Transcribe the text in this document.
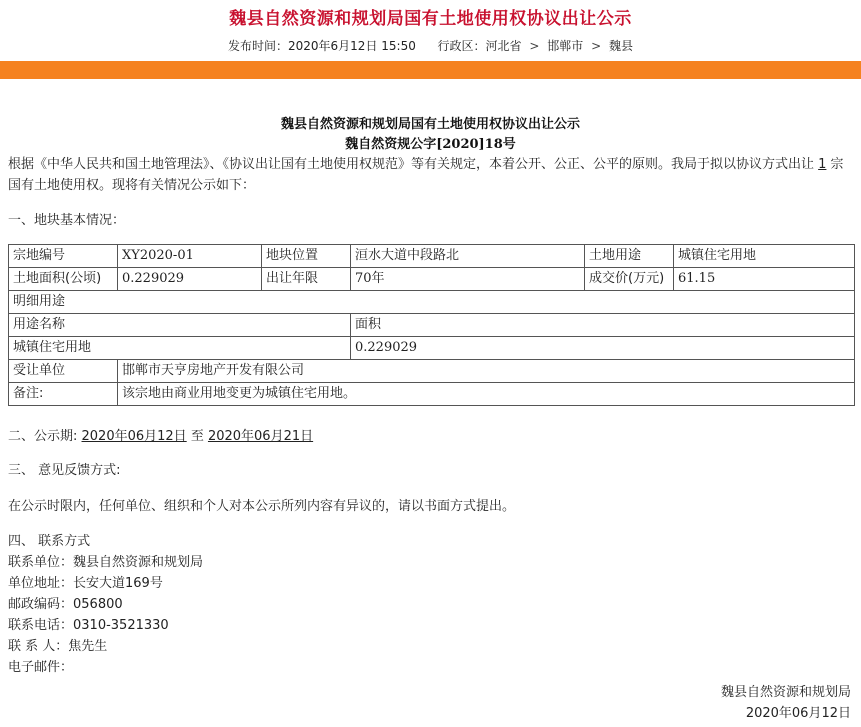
魏县自然资源和规划局国有土地使用权协议出让公示
发布时间：2020年6月12日 15:50 行政区：河北省 > 邯郸市 > 魏县
魏县自然资源和规划局国有土地使用权协议出让公示
魏自然资规公字[2020]18号
根据《中华人民共和国土地管理法》、《协议出让国有土地使用权规范》等有关规定，本着公开、公正、公平的原则。我局于拟以协议方式出让 1 宗国有土地使用权。现将有关情况公示如下：
一、地块基本情况：
宗地编号	XY2020-01	地块位置	洹水大道中段路北	土地用途	城镇住宅用地
土地面积(公顷)	0.229029	出让年限	70年	成交价(万元)	61.15
明细用途					
用途名称			面积		
城镇住宅用地			0.229029		
受让单位	邯郸市天亨房地产开发有限公司				
备注:	该宗地由商业用地变更为城镇住宅用地。				
二、公示期: 2020年06月12日 至 2020年06月21日
三、 意见反馈方式:
在公示时限内，任何单位、组织和个人对本公示所列内容有异议的，请以书面方式提出。
四、 联系方式
联系单位：魏县自然资源和规划局
单位地址：长安大道169号
邮政编码：056800
联系电话：0310-3521330
联 系 人：焦先生
电子邮件：
魏县自然资源和规划局
2020年06月12日
